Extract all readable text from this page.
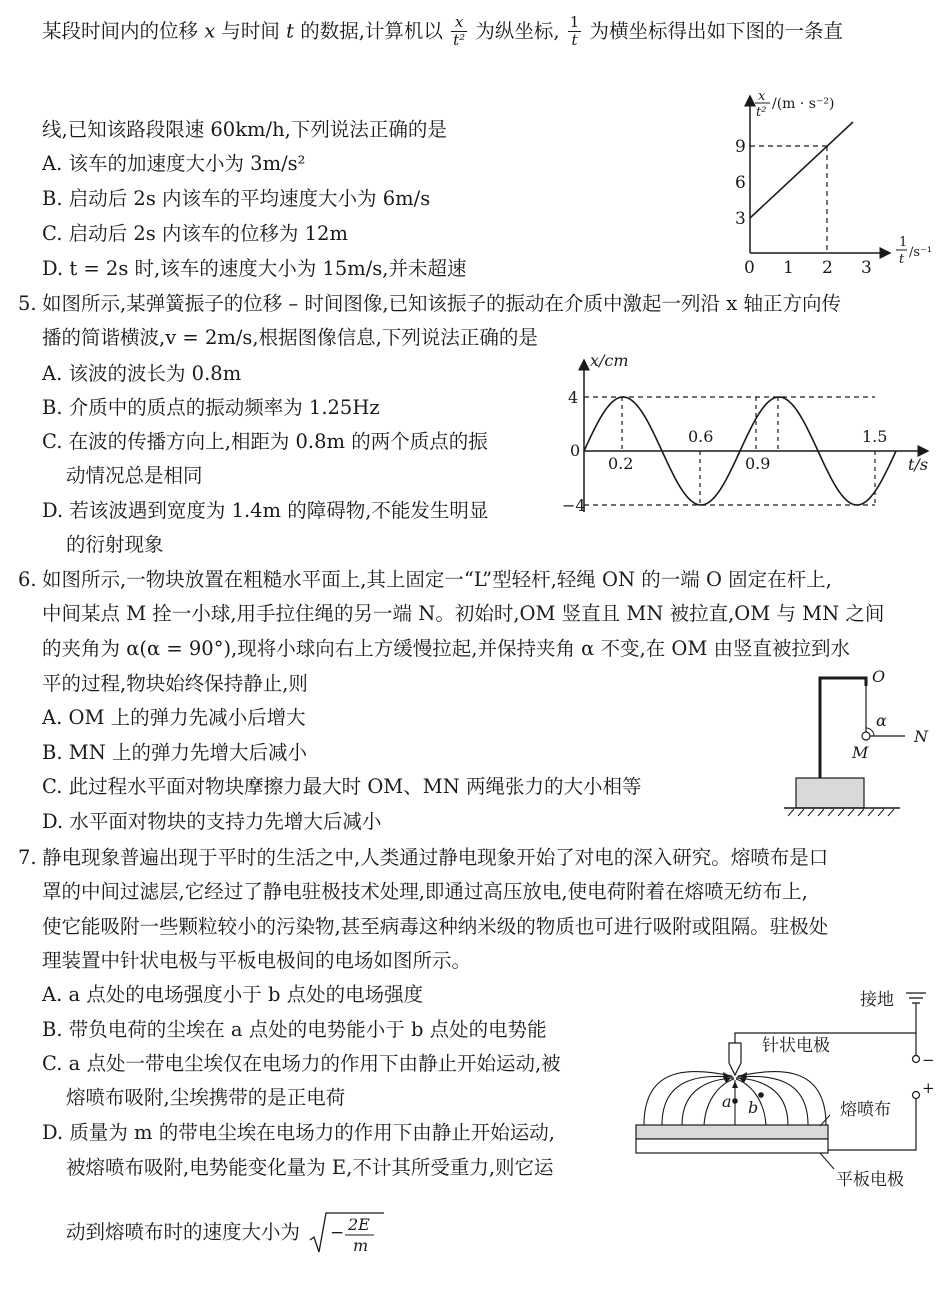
某段时间内的位移 x 与时间 t 的数据,计算机以 $\frac{x}{\text{t²}}$ 为纵坐标, $\frac{1}{t}$ 为横坐标得出如下图的一条直
线,已知该路段限速 60km/h,下列说法正确的是
A. 该车的加速度大小为 3m/s²
B. 启动后 2s 内该车的平均速度大小为 6m/s
C. 启动后 2s 内该车的位移为 12m
D. t = 2s 时,该车的速度大小为 15m/s,并未超速
9
6
3
0 1 2 3
x
t²
/(m · s⁻²)
1
t /s⁻¹
5. 如图所示,某弹簧振子的位移 – 时间图像,已知该振子的振动在介质中激起一列沿 x 轴正方向传
播的简谐横波,v = 2m/s,根据图像信息,下列说法正确的是
A. 该波的波长为 0.8m
B. 介质中的质点的振动频率为 1.25Hz
C. 在波的传播方向上,相距为 0.8m 的两个质点的振
动情况总是相同
D. 若该波遇到宽度为 1.4m 的障碍物,不能发生明显
的衍射现象
x/cm
t/s
4
−4
0
0.2
0.6
0.9
1.5
6. 如图所示,一物块放置在粗糙水平面上,其上固定一“L”型轻杆,轻绳 ON 的一端 O 固定在杆上,
中间某点 M 拴一小球,用手拉住绳的另一端 N。初始时,OM 竖直且 MN 被拉直,OM 与 MN 之间
的夹角为 α(α = 90°),现将小球向右上方缓慢拉起,并保持夹角 α 不变,在 OM 由竖直被拉到水
平的过程,物块始终保持静止,则
A. OM 上的弹力先减小后增大
B. MN 上的弹力先增大后减小
C. 此过程水平面对物块摩擦力最大时 OM、MN 两绳张力的大小相等
D. 水平面对物块的支持力先增大后减小
O
α
M
N
7. 静电现象普遍出现于平时的生活之中,人类通过静电现象开始了对电的深入研究。熔喷布是口
罩的中间过滤层,它经过了静电驻极技术处理,即通过高压放电,使电荷附着在熔喷无纺布上,
使它能吸附一些颗粒较小的污染物,甚至病毒这种纳米级的物质也可进行吸附或阻隔。驻极处
理装置中针状电极与平板电极间的电场如图所示。
A. a 点处的电场强度小于 b 点处的电场强度
B. 带负电荷的尘埃在 a 点处的电势能小于 b 点处的电势能
C. a 点处一带电尘埃仅在电场力的作用下由静止开始运动,被
熔喷布吸附,尘埃携带的是正电荷
D. 质量为 m 的带电尘埃在电场力的作用下由静止开始运动,
被熔喷布吸附,电势能变化量为 E,不计其所受重力,则它运
动到熔喷布时的速度大小为 − 2E
m
接地
−
+
针状电极
a b	熔喷布
平板电极
